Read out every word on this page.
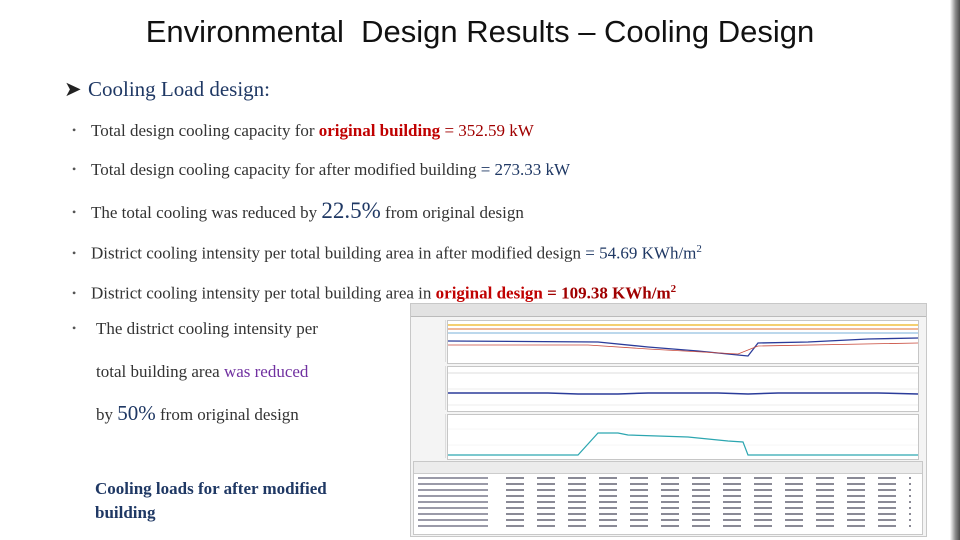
Environmental  Design Results – Cooling Design
➤ Cooling Load design:
• Total design cooling capacity for original building = 352.59 kW
• Total design cooling capacity for after modified building = 273.33 kW
• The total cooling was reduced by 22.5% from original design
• District cooling intensity per total building area in after modified design = 54.69 KWh/$m^2$
• District cooling intensity per total building area in original design = 109.38 KWh/$m^2$
• The district cooling intensity per
total building area was reduced
by 50% from original design
Cooling loads for after modified
building
